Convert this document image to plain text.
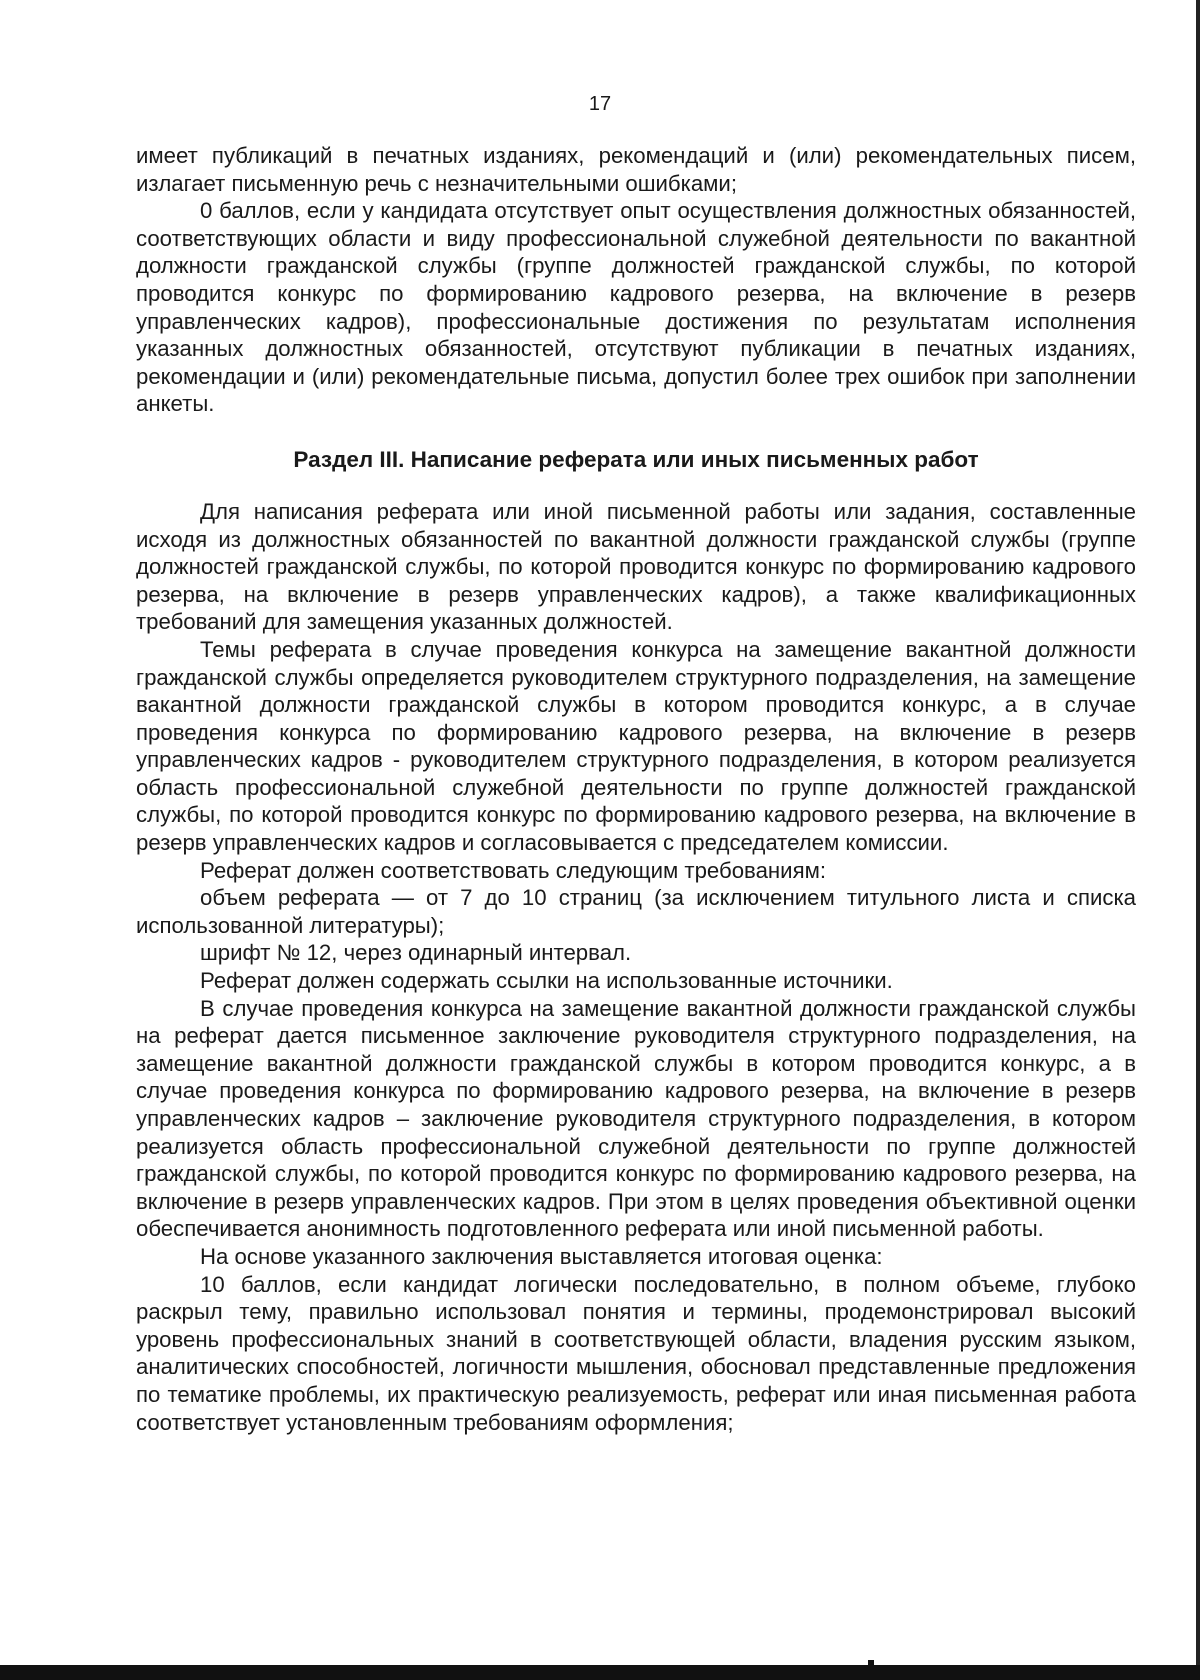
17

имеет публикаций в печатных изданиях, рекомендаций и (или) рекомендательных писем, излагает письменную речь с незначительными ошибками;

0 баллов, если у кандидата отсутствует опыт осуществления должностных обязанностей, соответствующих области и виду профессиональной служебной деятельности по вакантной должности гражданской службы (группе должностей гражданской службы, по которой проводится конкурс по формированию кадрового резерва, на включение в резерв управленческих кадров), профессиональные достижения по результатам исполнения указанных должностных обязанностей, отсутствуют публикации в печатных изданиях, рекомендации и (или) рекомендательные письма, допустил более трех ошибок при заполнении анкеты.

Раздел III. Написание реферата или иных письменных работ

Для написания реферата или иной письменной работы или задания, составленные исходя из должностных обязанностей по вакантной должности гражданской службы (группе должностей гражданской службы, по которой проводится конкурс по формированию кадрового резерва, на включение в резерв управленческих кадров), а также квалификационных требований для замещения указанных должностей.

Темы реферата в случае проведения конкурса на замещение вакантной должности гражданской службы определяется руководителем структурного подразделения, на замещение вакантной должности гражданской службы в котором проводится конкурс, а в случае проведения конкурса по формированию кадрового резерва, на включение в резерв управленческих кадров - руководителем структурного подразделения, в котором реализуется область профессиональной служебной деятельности по группе должностей гражданской службы, по которой проводится конкурс по формированию кадрового резерва, на включение в резерв управленческих кадров и согласовывается с председателем комиссии.

Реферат должен соответствовать следующим требованиям:

объем реферата — от 7 до 10 страниц (за исключением титульного листа и списка использованной литературы);

шрифт № 12, через одинарный интервал.

Реферат должен содержать ссылки на использованные источники.

В случае проведения конкурса на замещение вакантной должности гражданской службы на реферат дается письменное заключение руководителя структурного подразделения, на замещение вакантной должности гражданской службы в котором проводится конкурс, а в случае проведения конкурса по формированию кадрового резерва, на включение в резерв управленческих кадров – заключение руководителя структурного подразделения, в котором реализуется область профессиональной служебной деятельности по группе должностей гражданской службы, по которой проводится конкурс по формированию кадрового резерва, на включение в резерв управленческих кадров. При этом в целях проведения объективной оценки обеспечивается анонимность подготовленного реферата или иной письменной работы.

На основе указанного заключения выставляется итоговая оценка:

10 баллов, если кандидат логически последовательно, в полном объеме, глубоко раскрыл тему, правильно использовал понятия и термины, продемонстрировал высокий уровень профессиональных знаний в соответствующей области, владения русским языком, аналитических способностей, логичности мышления, обосновал представленные предложения по тематике проблемы, их практическую реализуемость, реферат или иная письменная работа соответствует установленным требованиям оформления;
